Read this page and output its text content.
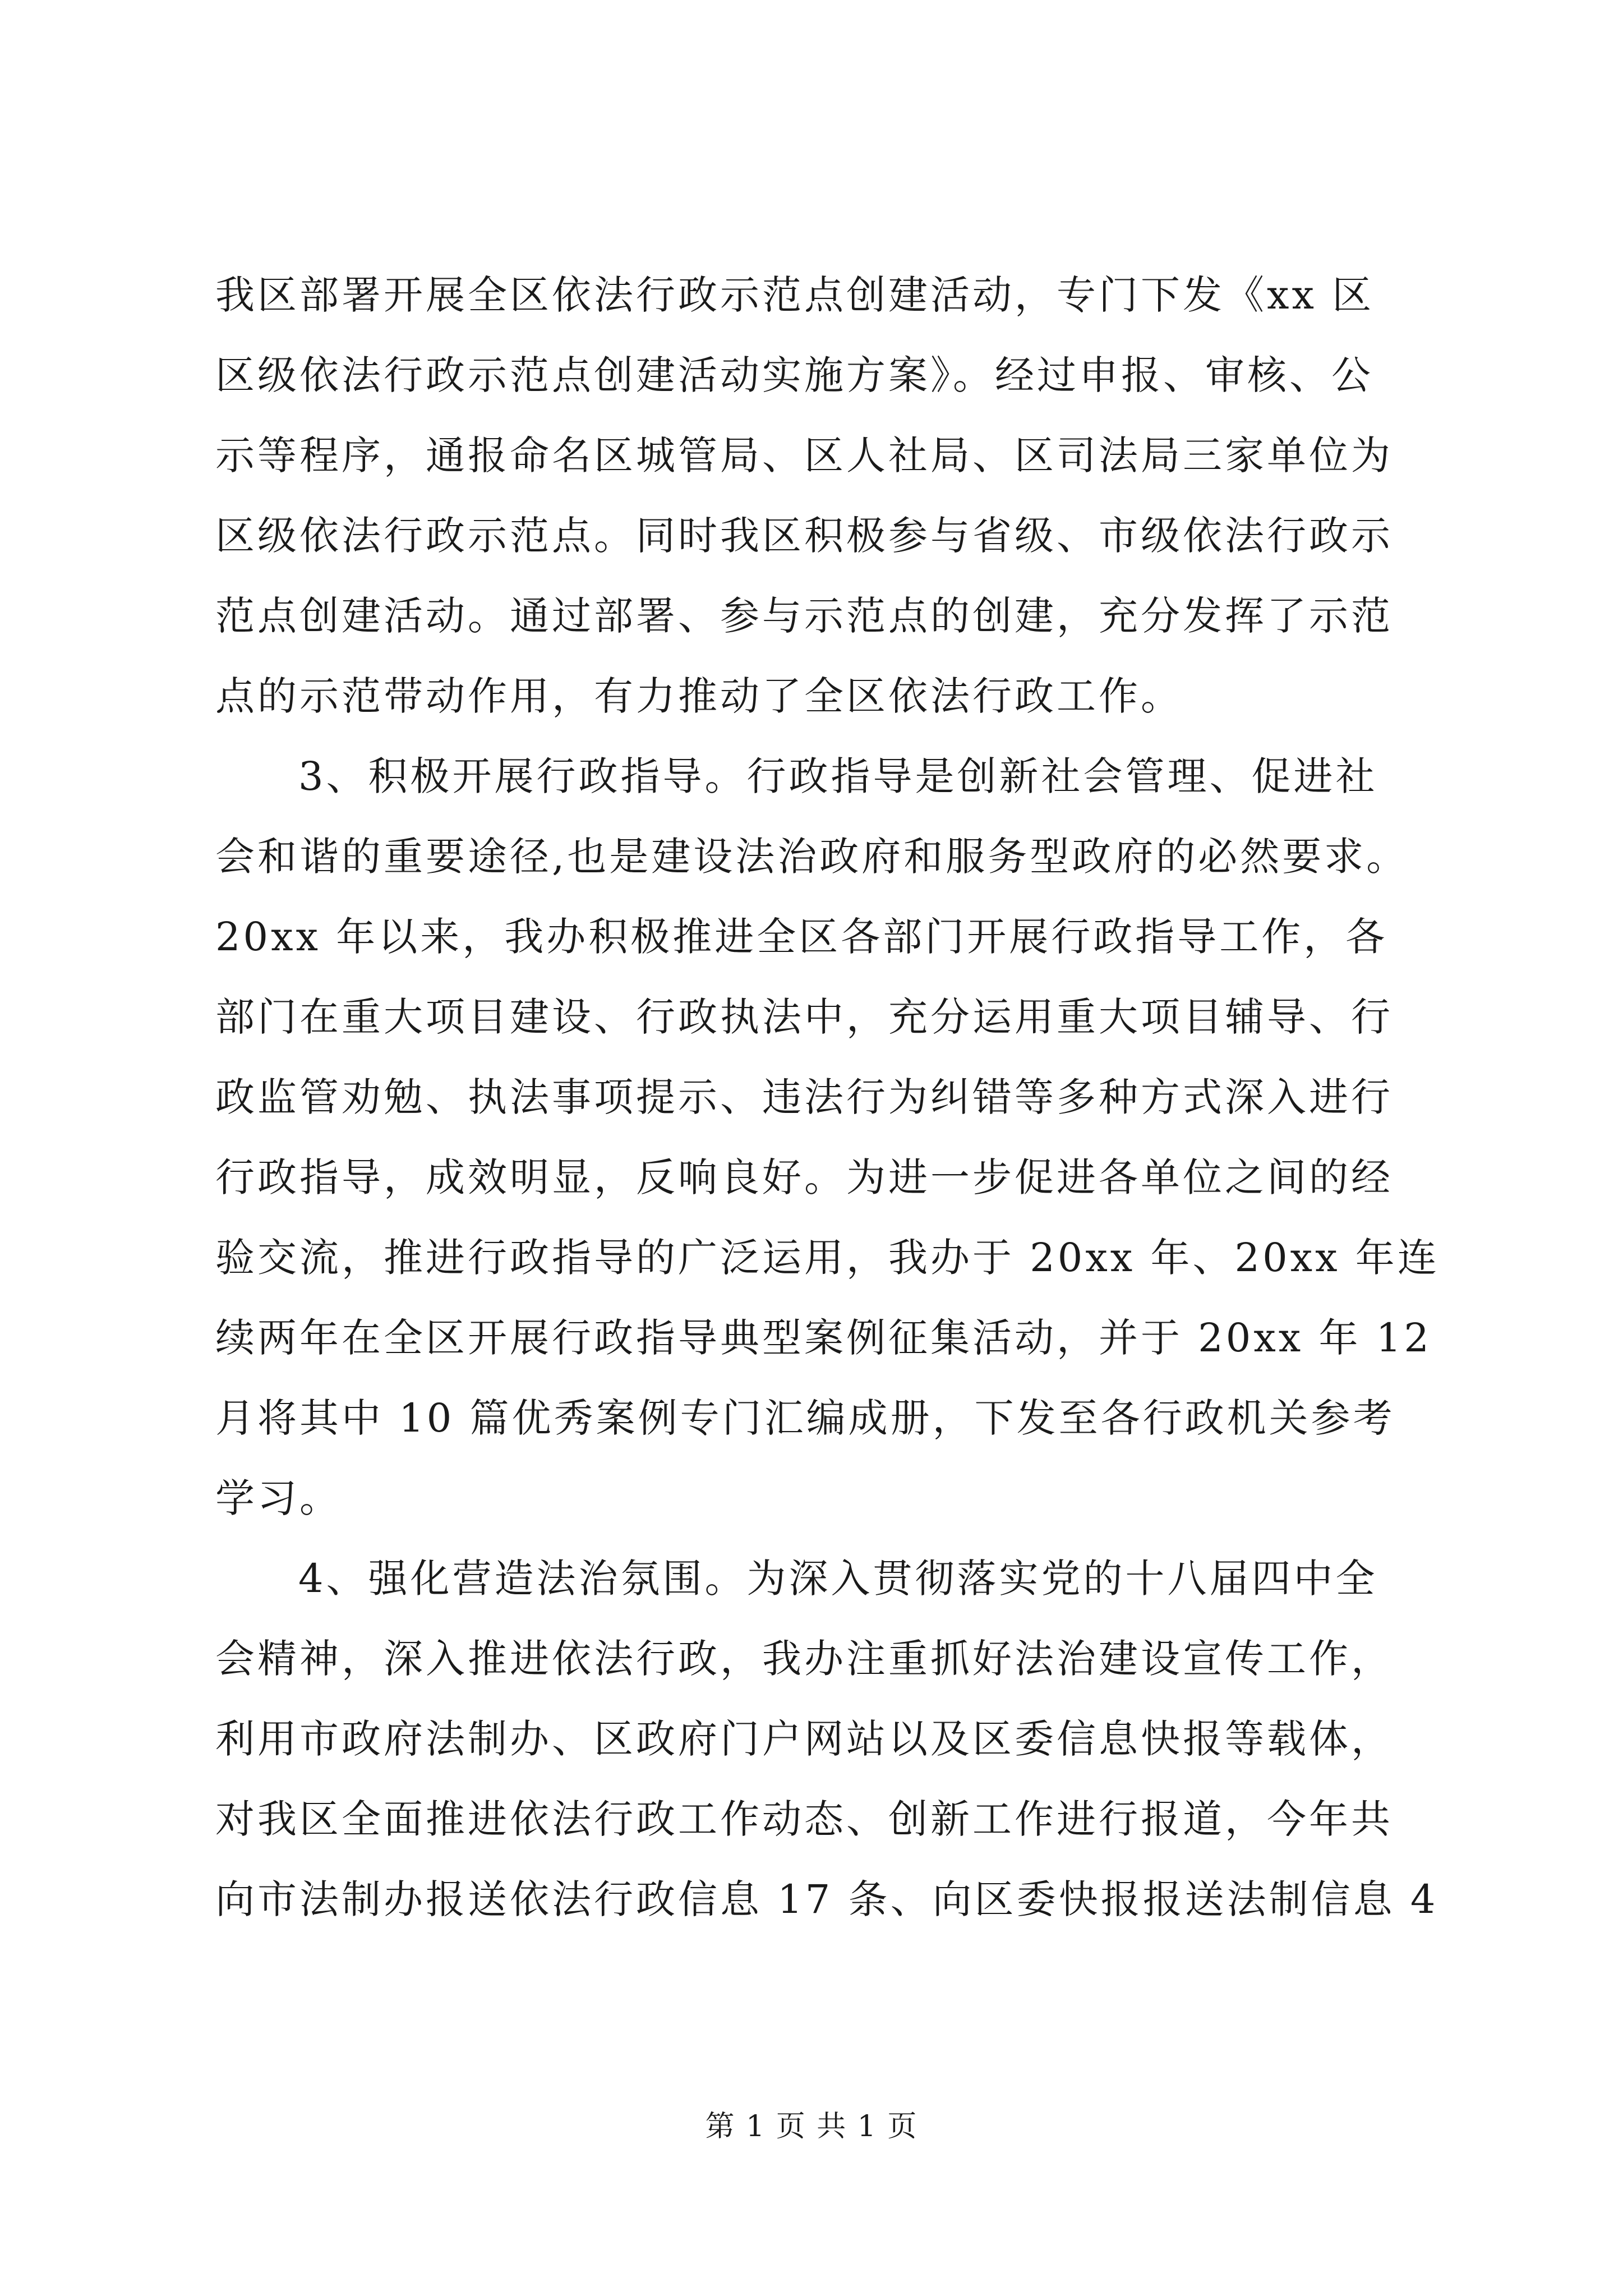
我区部署开展全区依法行政示范点创建活动，专门下发《xx 区
区级依法行政示范点创建活动实施方案》。经过申报、审核、公
示等程序，通报命名区城管局、区人社局、区司法局三家单位为
区级依法行政示范点。同时我区积极参与省级、市级依法行政示
范点创建活动。通过部署、参与示范点的创建，充分发挥了示范
点的示范带动作用，有力推动了全区依法行政工作。
3、积极开展行政指导。行政指导是创新社会管理、促进社
会和谐的重要途径,也是建设法治政府和服务型政府的必然要求。
20xx 年以来，我办积极推进全区各部门开展行政指导工作，各
部门在重大项目建设、行政执法中，充分运用重大项目辅导、行
政监管劝勉、执法事项提示、违法行为纠错等多种方式深入进行
行政指导，成效明显，反响良好。为进一步促进各单位之间的经
验交流，推进行政指导的广泛运用，我办于 20xx 年、20xx 年连
续两年在全区开展行政指导典型案例征集活动，并于 20xx 年 12
月将其中 10 篇优秀案例专门汇编成册，下发至各行政机关参考
学习。
4、强化营造法治氛围。为深入贯彻落实党的十八届四中全
会精神，深入推进依法行政，我办注重抓好法治建设宣传工作，
利用市政府法制办、区政府门户网站以及区委信息快报等载体，
对我区全面推进依法行政工作动态、创新工作进行报道，今年共
向市法制办报送依法行政信息 17 条、向区委快报报送法制信息 4
第 1 页 共 1 页
